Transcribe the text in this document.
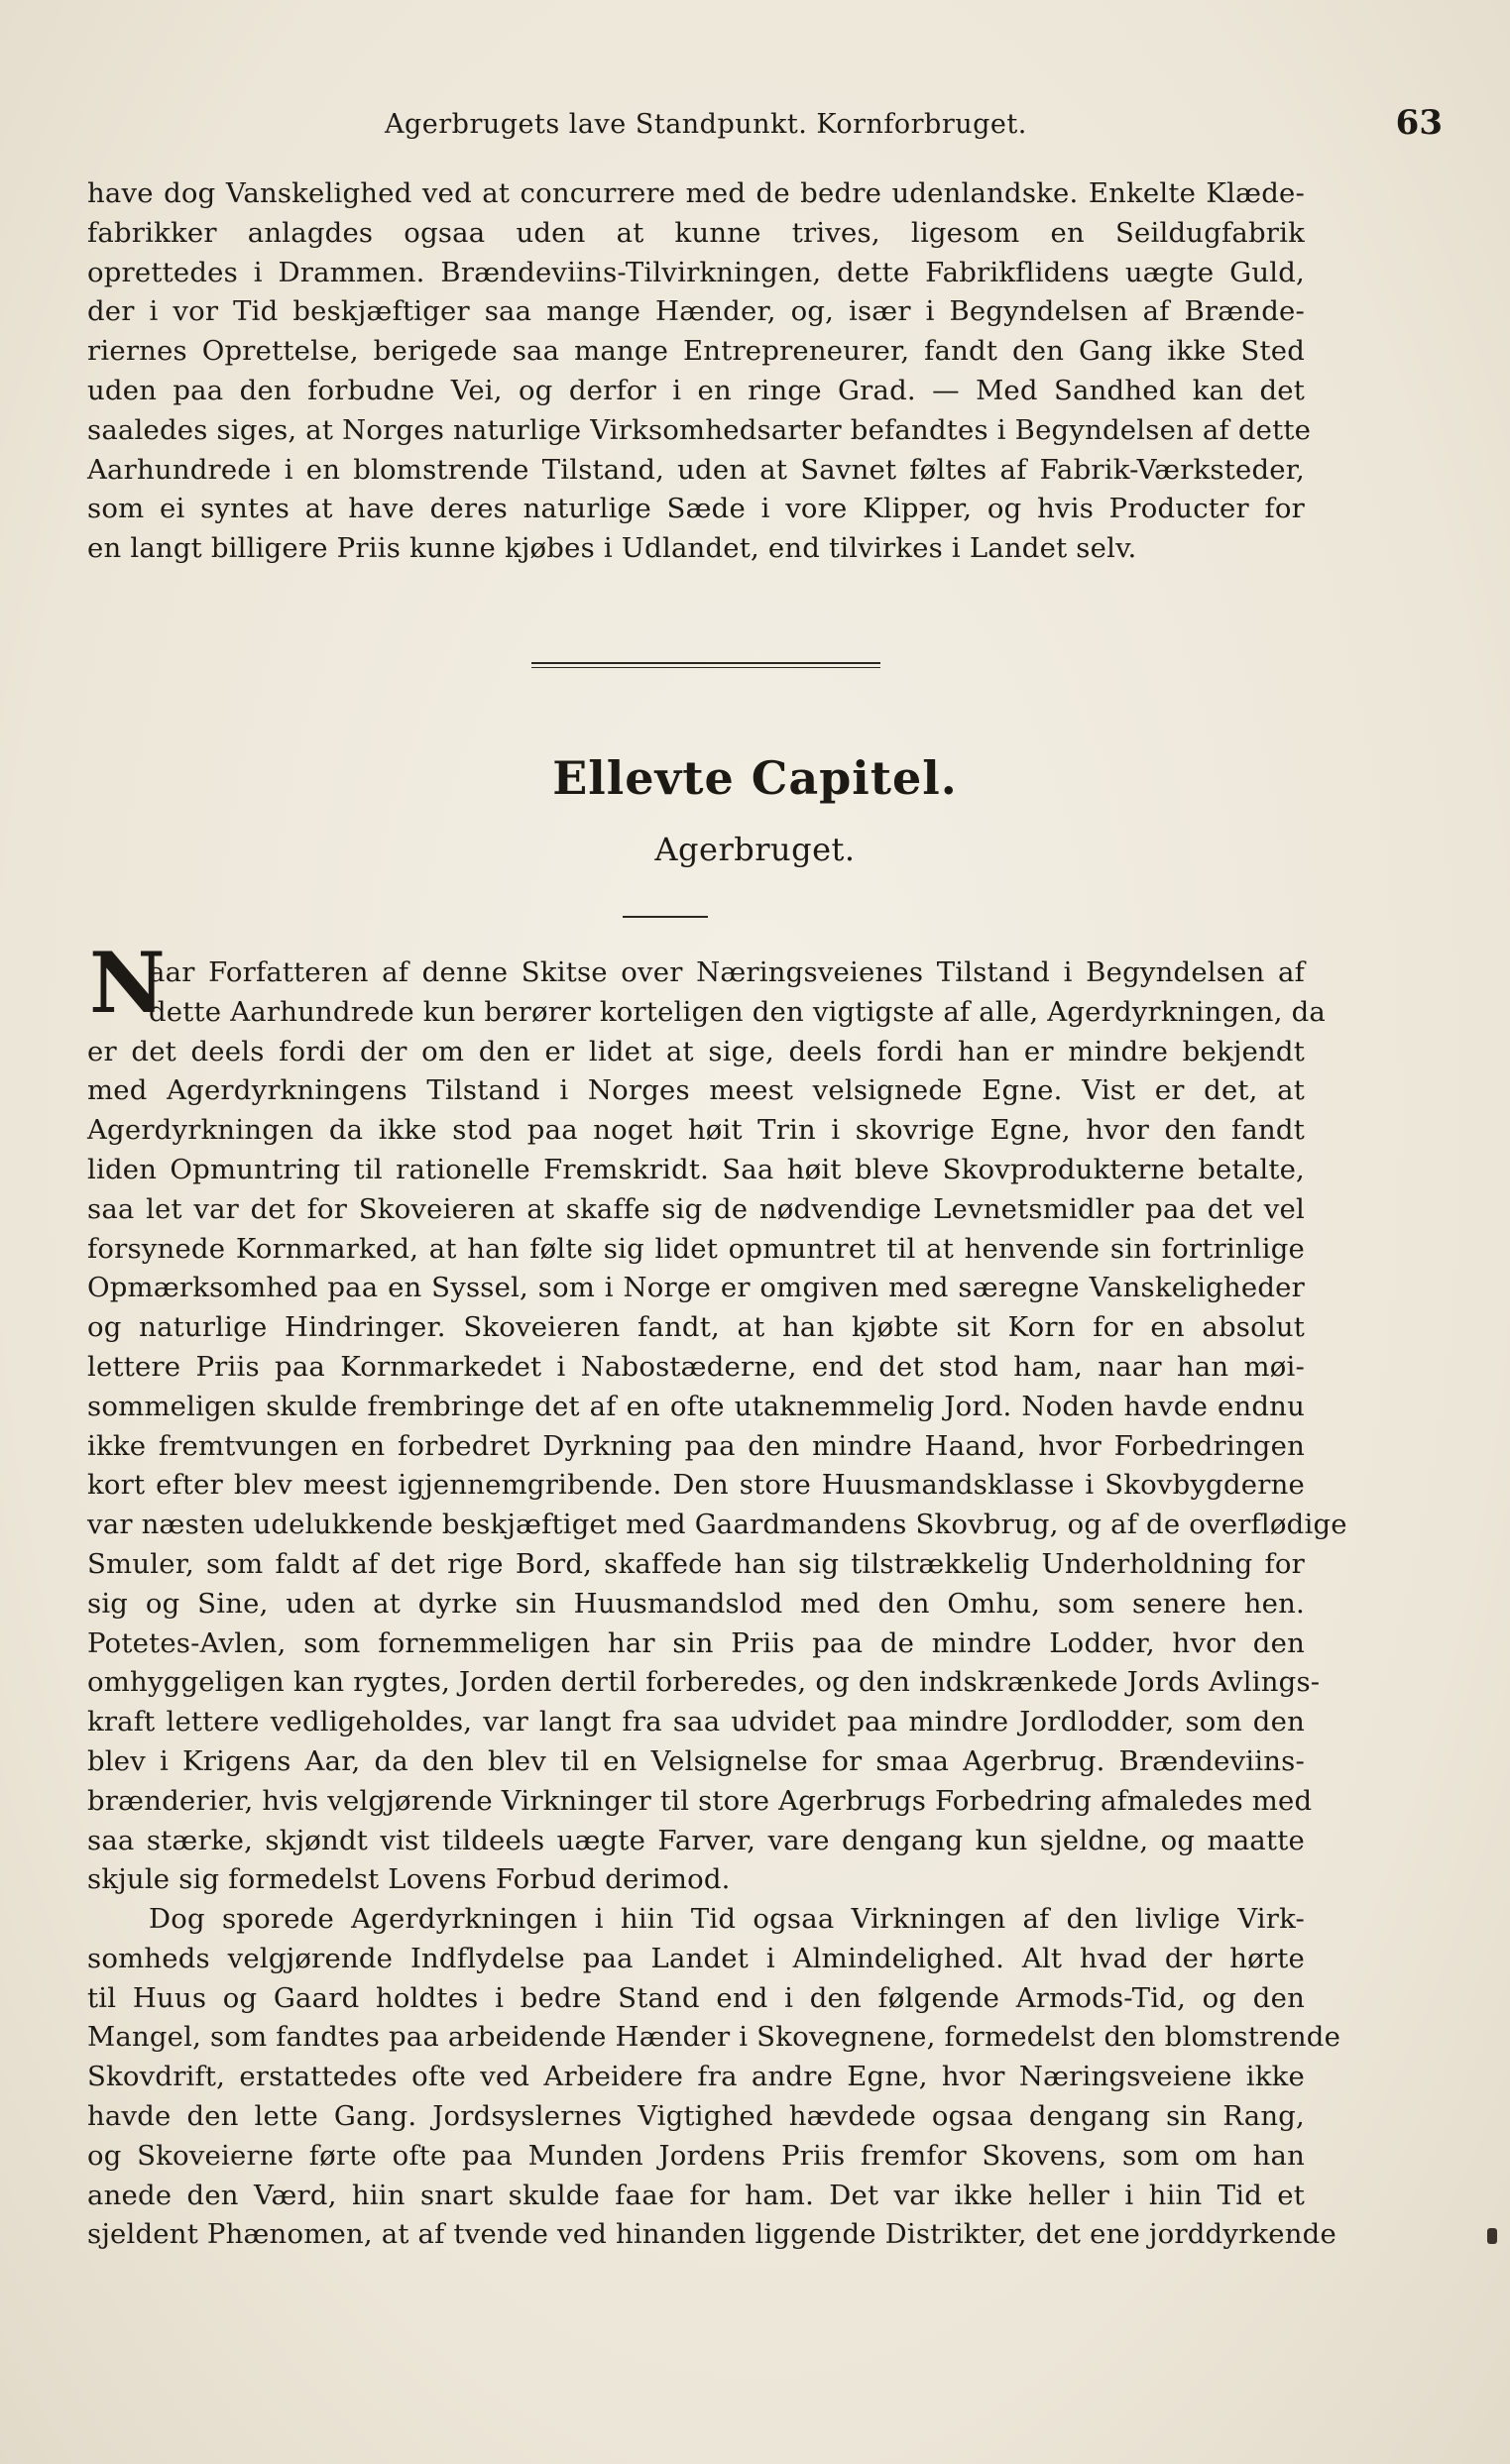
Agerbrugets lave Standpunkt. Kornforbruget.	63
have dog Vanskelighed ved at concurrere med de bedre udenlandske. Enkelte Klæde-
fabrikker anlagdes ogsaa uden at kunne trives, ligesom en Seildugfabrik
oprettedes i Drammen. Brændeviins-Tilvirkningen, dette Fabrikflidens uægte Guld,
der i vor Tid beskjæftiger saa mange Hænder, og, især i Begyndelsen af Brænde-
riernes Oprettelse, berigede saa mange Entrepreneurer, fandt den Gang ikke Sted
uden paa den forbudne Vei, og derfor i en ringe Grad. — Med Sandhed kan det
saaledes siges, at Norges naturlige Virksomhedsarter befandtes i Begyndelsen af dette
Aarhundrede i en blomstrende Tilstand, uden at Savnet føltes af Fabrik-Værksteder,
som ei syntes at have deres naturlige Sæde i vore Klipper, og hvis Producter for
en langt billigere Priis kunne kjøbes i Udlandet, end tilvirkes i Landet selv.
Ellevte Capitel.
Agerbruget.
N
aar Forfatteren af denne Skitse over Næringsveienes Tilstand i Begyndelsen af
dette Aarhundrede kun berører korteligen den vigtigste af alle, Agerdyrkningen, da
er det deels fordi der om den er lidet at sige, deels fordi han er mindre bekjendt
med Agerdyrkningens Tilstand i Norges meest velsignede Egne. Vist er det, at
Agerdyrkningen da ikke stod paa noget høit Trin i skovrige Egne, hvor den fandt
liden Opmuntring til rationelle Fremskridt. Saa høit bleve Skovprodukterne betalte,
saa let var det for Skoveieren at skaffe sig de nødvendige Levnetsmidler paa det vel
forsynede Kornmarked, at han følte sig lidet opmuntret til at henvende sin fortrinlige
Opmærksomhed paa en Syssel, som i Norge er omgiven med særegne Vanskeligheder
og naturlige Hindringer. Skoveieren fandt, at han kjøbte sit Korn for en absolut
lettere Priis paa Kornmarkedet i Nabostæderne, end det stod ham, naar han møi-
sommeligen skulde frembringe det af en ofte utaknemmelig Jord. Noden havde endnu
ikke fremtvungen en forbedret Dyrkning paa den mindre Haand, hvor Forbedringen
kort efter blev meest igjennemgribende. Den store Huusmandsklasse i Skovbygderne
var næsten udelukkende beskjæftiget med Gaardmandens Skovbrug, og af de overflødige
Smuler, som faldt af det rige Bord, skaffede han sig tilstrækkelig Underholdning for
sig og Sine, uden at dyrke sin Huusmandslod med den Omhu, som senere hen.
Potetes-Avlen, som fornemmeligen har sin Priis paa de mindre Lodder, hvor den
omhyggeligen kan rygtes, Jorden dertil forberedes, og den indskrænkede Jords Avlings-
kraft lettere vedligeholdes, var langt fra saa udvidet paa mindre Jordlodder, som den
blev i Krigens Aar, da den blev til en Velsignelse for smaa Agerbrug. Brændeviins-
brænderier, hvis velgjørende Virkninger til store Agerbrugs Forbedring afmaledes med
saa stærke, skjøndt vist tildeels uægte Farver, vare dengang kun sjeldne, og maatte
skjule sig formedelst Lovens Forbud derimod.
Dog sporede Agerdyrkningen i hiin Tid ogsaa Virkningen af den livlige Virk-
somheds velgjørende Indflydelse paa Landet i Almindelighed. Alt hvad der hørte
til Huus og Gaard holdtes i bedre Stand end i den følgende Armods-Tid, og den
Mangel, som fandtes paa arbeidende Hænder i Skovegnene, formedelst den blomstrende
Skovdrift, erstattedes ofte ved Arbeidere fra andre Egne, hvor Næringsveiene ikke
havde den lette Gang. Jordsyslernes Vigtighed hævdede ogsaa dengang sin Rang,
og Skoveierne førte ofte paa Munden Jordens Priis fremfor Skovens, som om han
anede den Værd, hiin snart skulde faae for ham. Det var ikke heller i hiin Tid et
sjeldent Phænomen, at af tvende ved hinanden liggende Distrikter, det ene jorddyrkende
